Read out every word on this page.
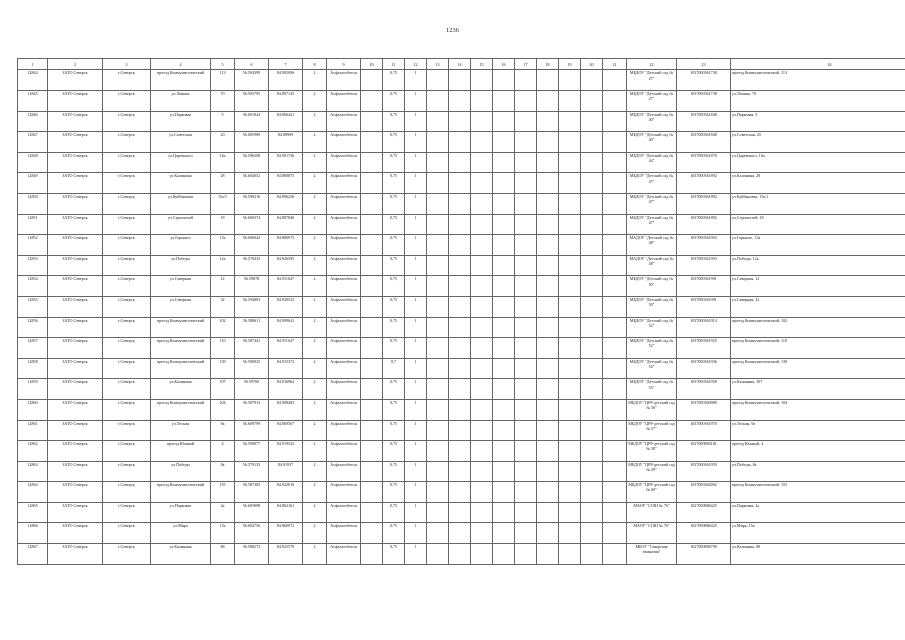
1236
1	2	3	4	5	6	7	8	9	10	11	12	13	14	15	16	17	18	19	20	21	22	23	24	
12844	ЗАТО Северск	г.Северск	проезд Коммунистический	113	56.594399	84.905096	2	Асфальтобетон		0,75	1										МБДОУ "Детский сад № 27"	1037000361738	проезд Коммунистический, 113	
12845	ЗАТО Северск	г.Северск	ул.Ленина	70	56.593795	84.897145	2	Асфальтобетон		0,75	1										МБДОУ "Детский сад № 27"	1037000361738	ул.Ленина, 70	
12846	ЗАТО Северск	г.Северск	ул.Парковая	5	56.601824	84.866441	2	Асфальтобетон		0,75	1										МБДОУ "Детский сад № 40"	1037000361848	ул.Парковая, 5	
12847	ЗАТО Северск	г.Северск	ул.Советская	20	56.605989	84.88909	2	Асфальтобетон		0,75	1										МБДОУ "Детский сад № 40"	1037000361848	ул.Советская, 20	
12848	ЗАТО Северск	г.Северск	ул.Царевского	16а	56.596298	84.901736	2	Асфальтобетон		0,75	1										МБДОУ "Детский сад № 44"	1037000361870	ул.Царевского, 16а	
12849	ЗАТО Северск	г.Северск	ул.Калинина	28	56.604052	84.880875	2	Асфальтобетон		0,75	1										МБДОУ "Детский сад № 47"	1037000361892	ул.Калинина, 28	
12850	ЗАТО Северск	г.Северск	ул.Куйбышева	15а/1	56.599216	84.896236	2	Асфальтобетон		0,75	1										МБДОУ "Детский сад № 47"	1037000361892	ул.Куйбышева, 15а/1	
12851	ЗАТО Северск	г.Северск	ул.Строителей	18	56.600374	84.887846	2	Асфальтобетон		0,75	1										МБДОУ "Детский сад № 47"	1037000361892	ул.Строителей, 18	
12852	ЗАТО Северск	г.Северск	ул.Горького	15а	56.606042	84.880975	2	Асфальтобетон		0,75	1										МАДОУ "Детский сад № 48"	1037000361903	ул.Горького, 15а	
12853	ЗАТО Северск	г.Северск	ул.Победы	12а	56.579425	84.926595	2	Асфальтобетон		0,75	1										МАДОУ "Детский сад № 48"	1037000361903	ул.Победы, 12а	
12854	ЗАТО Северск	г.Северск	ул.Северная	12	56.59878	84.911647	2	Асфальтобетон		0,75	1										МБДОУ "Детский сад № 50"	1037000361991	ул.Северная, 12	
12855	ЗАТО Северск	г.Северск	ул.Северная	32	56.594893	84.920532	2	Асфальтобетон		0,75	1										МБДОУ "Детский сад № 50"	1037000361991	ул.Северная, 32	
12856	ЗАТО Северск	г.Северск	проезд Коммунистический	102	56.588611	84.909641	2	Асфальтобетон		0,75	1										МБДОУ "Детский сад № 52"	1037000361914	проезд Коммунистический, 102	
12857	ЗАТО Северск	г.Северск	проезд Коммунистический	110	56.587441	84.911647	2	Асфальтобетон		0,75	1										МБДОУ "Детский сад № 52"	1037000361925	проезд Коммунистический, 110	
12858	ЗАТО Северск	г.Северск	проезд Коммунистический	139	56.590925	84.915372	2	Асфальтобетон		0,7	1										МБДОУ "Детский сад № 54"	1037000361936	проезд Коммунистический, 139	
12859	ЗАТО Северск	г.Северск	ул.Калинина	107	56.59769	84.916962	2	Асфальтобетон		0,75	1										МБДОУ "Детский сад № 55"	1037000361958	ул.Калинина, 107	
12860	ЗАТО Северск	г.Северск	проезд Коммунистический	104	56.587913	84.908483	2	Асфальтобетон		0,75	1										МБДОУ "ЦРР-детский сад № 56"	1037000360989	проезд Коммунистический, 104	
12861	ЗАТО Северск	г.Северск	ул.Лесная	9а	56.609799	84.869507	2	Асфальтобетон		0,75	1										МБДОУ "ЦРР-детский сад № 57"	1037000361970	ул.Лесная, 9а	
12862	ЗАТО Северск	г.Северск	проезд Южный	4	56.590877	84.919543	2	Асфальтобетон		0,75	1										МБДОУ "ЦРР-детский сад № 58"	1027000884181	проезд Южный, 4	
12863	ЗАТО Северск	г.Северск	ул.Победы	8а	56.579135	84.91937	2	Асфальтобетон		0,75	1										МБДОУ "ЦРР-детский сад № 59"	1037000361959	ул.Победы, 8а	
12864	ЗАТО Северск	г.Северск	проезд Коммунистический	155	56.587382	84.922016	2	Асфальтобетон		0,75	1										МБДОУ "ЦРР-детский сад № 60"	1037000362002	проезд Коммунистический, 155	
12865	ЗАТО Северск	г.Северск	ул.Парковая	2а	56.605898	84.862161	2	Асфальтобетон		0,75	1										МАОУ "СОШ № 76"	1027000886425	ул.Парковая, 2а	
12866	ЗАТО Северск	г.Северск	ул.Мира	15а	56.604756	84.860072	2	Асфальтобетон		0,75	1										МАОУ "СОШ № 76"	1027000886425	ул.Мира, 15а	
12867	ЗАТО Северск	г.Северск	ул.Калинина	88	56.588273	84.925579	2	Асфальтобетон		0,75	1										МБОУ "Северская гимназия"	1027000886799	ул.Калинина, 88	
